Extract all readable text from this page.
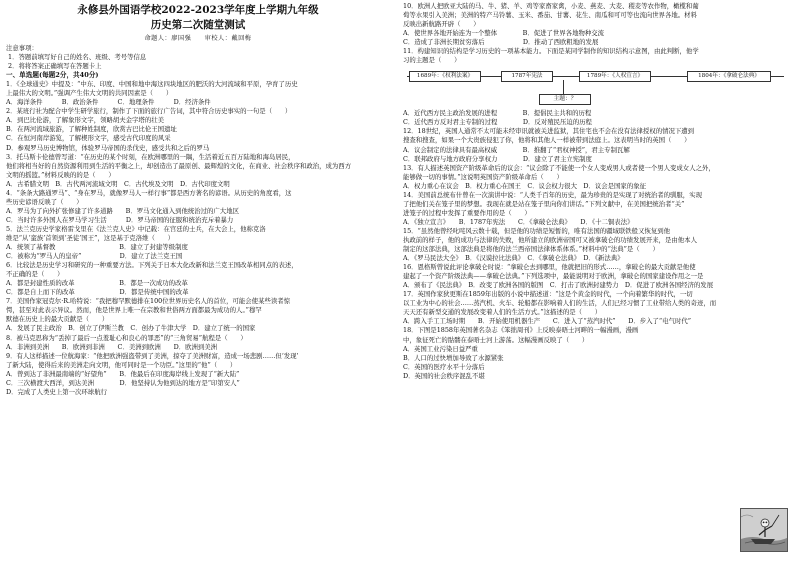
永修县外国语学校2022-2023学年度上学期九年级
历史第二次随堂测试
命题人：廖国强　　审校人：戴回梅
注意事项：
1．答题前填写好自己的姓名、班级、考号等信息
2．将将答案正确填写在答题卡上
一、单选题(每题2分，共40分)
1．《全球通史》中提及：“中东、印度、中国和地中海这四块地区的肥沃的大河流域和平原，孕育了历史
上最伟大的文明。”强调产生伟大文明的共同因素是（　　）
A．海洋条件　　　B．政治条件　　　C．地理条件　　　D．经济条件
2．某班行社为配合中学生研学旅行，制作了下面的旅行广告词，其中符合历史事实的一句是（　　）
A．到巴比伦游，了解象形文字，领略胡夫金字塔的壮美
B．在两河流域旅游，了解种姓制度，欣赏古巴比伦王国遗址
C．在恒河南岸游览，了解楔形文字，感受古代印度的风采
D．参观罗马历史博物馆，体验罗马帝国的杀伐史，感受共和之后的罗马
3．托马斯卡伦德曾写道：“在历史的某个时刻，在欧洲哪里的一隅，生活着近五百万陆地和海岛居民，
他们将相当好的自然资源利用到生活的平衡之上，却创造出了最原创、最辉煌的文化，在商业、社会秩序和政治，成为西方
文明的摇篮。”材料反映的的是（　　）
A．古希腊文明　B．古代两河流域文明　C．古代埃及文明　D．古代印度文明
4．“条条大路通罗马”、“身在罗马，就像罗马人一样行事”都是西方著名的谚语。从历史的角度看，这
些历史谚语反映了（　　）
A．罗马为了向外扩张修建了许多道路　　B．罗马文化通入到他统治过的广大地区
C．当时许多外国人在罗马学习生活　　　D．罗马帝国的征服和统治充斥着暴力
5．法兰克历史学家格雷戈里在《法兰克人史》中记载：在宫廷的士兵，在大会上，他称克洛
维是“从‘蛮族’首领到‘圣徒’国王”，这是基于克洛维（　　）
A．统领了基督教　　　　　　　　　　B．建立了封建等级制度
C．被称为“罗马人的皇帝”　　　　　　D．建立了法兰克王国
6．比较法是历史学习和研究的一种重要方法。下列关于日本大化改新和法兰克王国改革相同点的表述，
不正确的是（　　）
A．都是封建性质的改革　　　　　　　B．都是一次成功的改革
C．都是自上而下的改革　　　　　　　D．都是传统中国的改革
7．美国作家冠克尔·R.哈特说：“我把穆罕默德排在100位世界历史名人的首位，可能会使某些读者惊
愕，甚至对此表示异议。然而，他是世界上唯一在宗教和世俗两方面都最为成功的人。”穆罕
默德在历史上的最大贡献是（　　）
A．发展了民主政治　B．创立了伊斯兰教　C．创办了牛津大学　D．建立了统一的国家
8．被马克思称为“丢掉了最后一点羞耻心和良心的罪恶”的“三角贸易”航程是（　　）
A．非洲到美洲　　B．欧洲到非洲　　C．美洲到欧洲　　D．欧洲到美洲
9．有人这样描述一位航海家：“他把欧洲强盗带到了美洲，掠夺了美洲财富，造成一场悲剧……但‘发现’
了新大陆，使得后来的美洲走向文明，他可同时是一个功臣。”这里的“他”（　　）
A．曾到达了非洲最南端的“好望角”　　B．他最后在印度海岸线上发现了“新大陆”
C．三次横渡大西洋，到达美洲　　　　D．他坚持认为他到达的地方是“印第安人”
D．完成了人类史上第一次环球航行
10．欧洲人把欧亚大陆的马、牛、猪、羊、鸡等家畜家禽，小麦、燕麦、大麦、稷麦等农作物，橄榄和葡
萄等水果引入美洲；美洲的特产马铃薯、玉米、番茄、甘薯、花生、南瓜和可可等也流向世界各地。材料
反映出新航路开辟（　　）
A．使世界各地开始连为一个整体　　　　B．促进了世界各地物种交流
C．造成了非洲长期贫穷落后　　　　　　D．推动了西欧粗地的发展
11．构建知识的结构是学习历史的一项基本能力。下面是某同学制作的知识结构示意图，由此判断，他学
习的主题是（　　）
1689年：《权利法案》	1787年宪法	1789年：《人权宣言》	1804年：《拿破仑法典》
主题：？
A．近代西方民主政治发展的进程　　　　B．提倡民主共和的历程
C．近代西方反对君主专制的过程　　　　D．反对殖民压迫的历程
12．18世纪，英国人通常不太可能未经审讯就被关进监狱，其住宅也不会在没有法律授权的情况下遭到
搜查和搜查，如果一个大贵族侵犯了你，他将和其他人一样被带到法庭上。这表明当时的英国（　　）
A．议会制定的法律具有最高权威　　　　B．推翻了“君权神授”，君主专制瓦解
C．联邦政府与地方政府分享权力　　　　D．建立了君主立宪制度
13．有人描述英国资产阶级革命后的议会：“议会除了不能使一个女人变成男人或者使一个男人变成女人之外，
能够做一切的事情。”这说明英国资产阶级革命后（　　）
A．权力重心在议会　B．权力重心在国王　C．议会权力很大　D．议会是国家的象征
14．美国前总统布什曾在一次演讲中说：“人类千百年的历史，最为珍贵的是实现了对统治者的驯服，实现
了把他们关在笼子里的梦想。我现在就是站在笼子里向你们讲话。”下列文献中，在美国把统治者“关”
进笼子的过程中发挥了重要作用的是（　　）
A．《独立宣言》　　B．1787年宪法　　C．《拿破仑法典》　　D．《十二铜表法》
15．“虽然他曾经叱咤风云数十载，但是他的功绩是短暂的，唯有法国的疆域联铁般又恢复到他
执政前的样子，他的成功与法律的失败，他所建立的欧洲帝国可又被拿破仑的功绩发展开来，是由他本人
制定的这部法典，这部法典是将他的法兰西帝国法律体系体系。”材料中的“法典”是（　　）
A．《罗马民法大全》　B．《汉谟拉比法典》　C．《拿破仑法典》　D．《新法典》
16．恩格斯曾说此评论拿破仑时说：“拿破仑去到哪里，他就把旧的形式……，拿破仑的最大贡献是他使
建起了一个资产阶级法典——拿破仑法典。”下列选项中，最能说明对于欧洲，拿破仑的国家建设作用之一是
A．颁布了《民法典》　B．改变了欧洲各国的版图　C．打击了欧洲封建势力　D．促进了欧洲各国经济的发展
17．英国作家狄更斯在1859年出版的小说中描述道：“这是个黄金的时代，一个向着繁华的时代，一切
以工业为中心的社会……蒸汽机、火车、轮船都在影响着人们的生活，人们已经习惯了工业带给人类的奇迹，而
天天还有新型交通的发展改变着人们的生活方式。”这描述的是（　　）
A．跨入手工工场时期　　B．开始使用机器生产　　C．进入了“蒸汽时代”　　D．步入了“电气时代”
18．下图是1858年英国著名杂志《笨拙周刊》上反映泰晤士河畔的一幅漫画，漫画
中，象征死亡的骷髅在泰晤士河上游荡。这幅漫画反映了（　　）
A．英国工业污染日益严重
B．人口的过快增加导致了水源紧张
C．英国的医疗水平十分落后
D．英国的社会秩序混乱不堪
